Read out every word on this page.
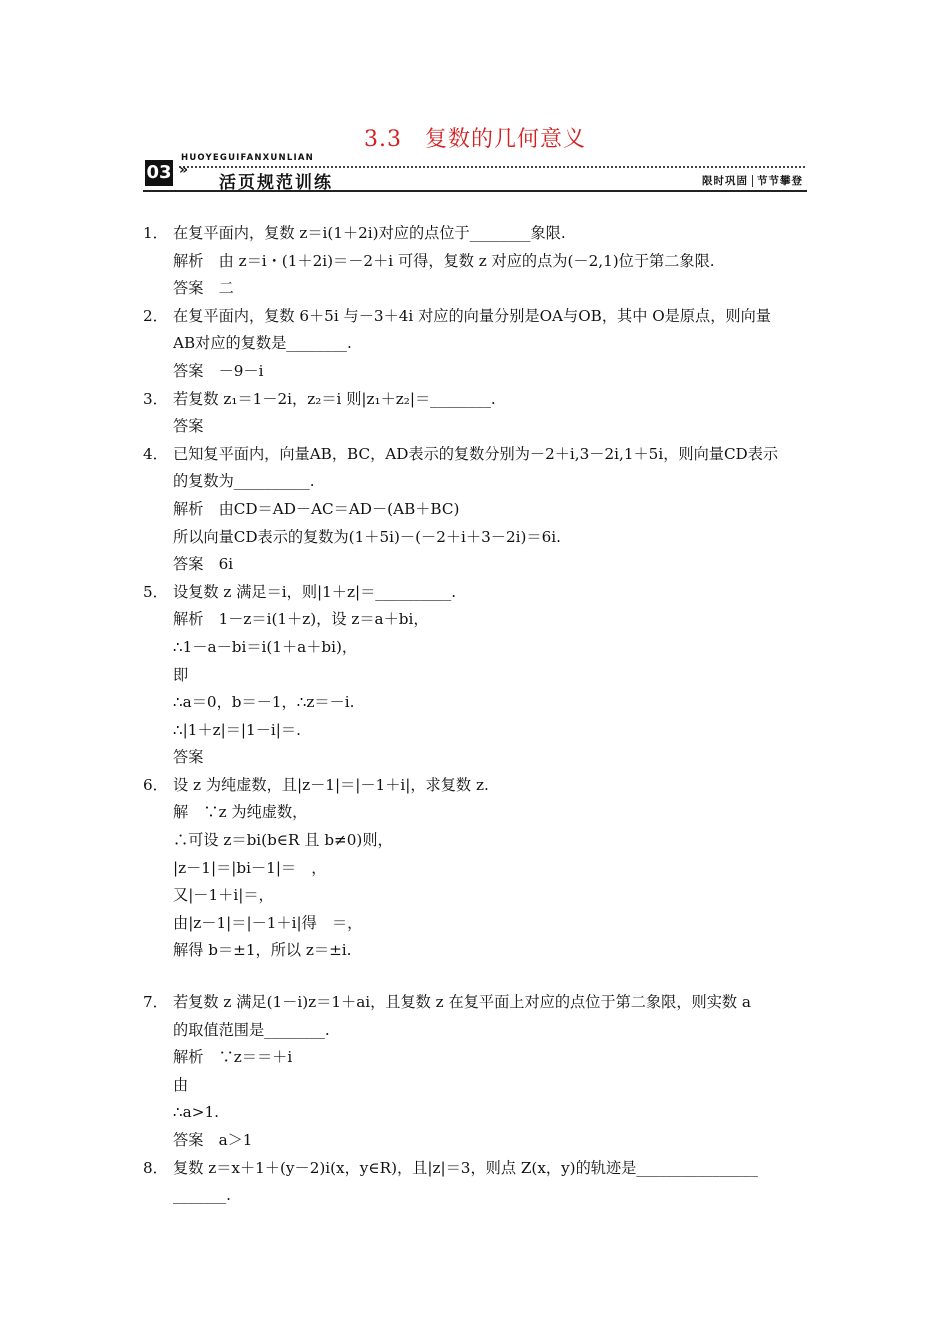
3.3　复数的几何意义
HUOYEGUIFANXUNLIAN
03 »
活页规范训练	限时巩固 节节攀登
1． 在复平面内，复数 z＝i(1＋2i)对应的点位于________象限.
解析　由 z＝i・(1＋2i)＝－2＋i 可得，复数 z 对应的点为(－2,1)位于第二象限.
答案　二
2． 在复平面内，复数 6＋5i 与－3＋4i 对应的向量分别是OA与OB，其中 O是原点，则向量
AB对应的复数是________.
答案　－9－i
3． 若复数 z₁＝1－2i，z₂＝i 则|z₁＋z₂|＝________.
答案
4． 已知复平面内，向量AB，BC，AD表示的复数分别为－2＋i,3－2i,1＋5i，则向量CD表示
的复数为__________.
解析　由CD＝AD－AC＝AD－(AB＋BC)
所以向量CD表示的复数为(1＋5i)－(－2＋i＋3－2i)＝6i.
答案　6i
5． 设复数 z 满足＝i，则|1＋z|＝__________.
解析　1－z＝i(1＋z)，设 z＝a＋bi，
∴1－a－bi＝i(1＋a＋bi)，
即
∴a＝0，b＝－1，∴z＝－i.
∴|1＋z|＝|1－i|＝.
答案
6． 设 z 为纯虚数，且|z－1|＝|－1＋i|，求复数 z.
解　∵z 为纯虚数，
∴可设 z＝bi(b∈R 且 b≠0)则，
|z－1|＝|bi－1|＝　，
又|－1＋i|＝，
由|z－1|＝|－1＋i|得　＝，
解得 b＝±1，所以 z＝±i.
7． 若复数 z 满足(1－i)z＝1＋ai，且复数 z 在复平面上对应的点位于第二象限，则实数 a
的取值范围是________.
解析　∵z＝＝＋i
由
∴a>1.
答案　a＞1
8． 复数 z＝x＋1＋(y－2)i(x，y∈R)，且|z|＝3，则点 Z(x，y)的轨迹是________________
_______.
